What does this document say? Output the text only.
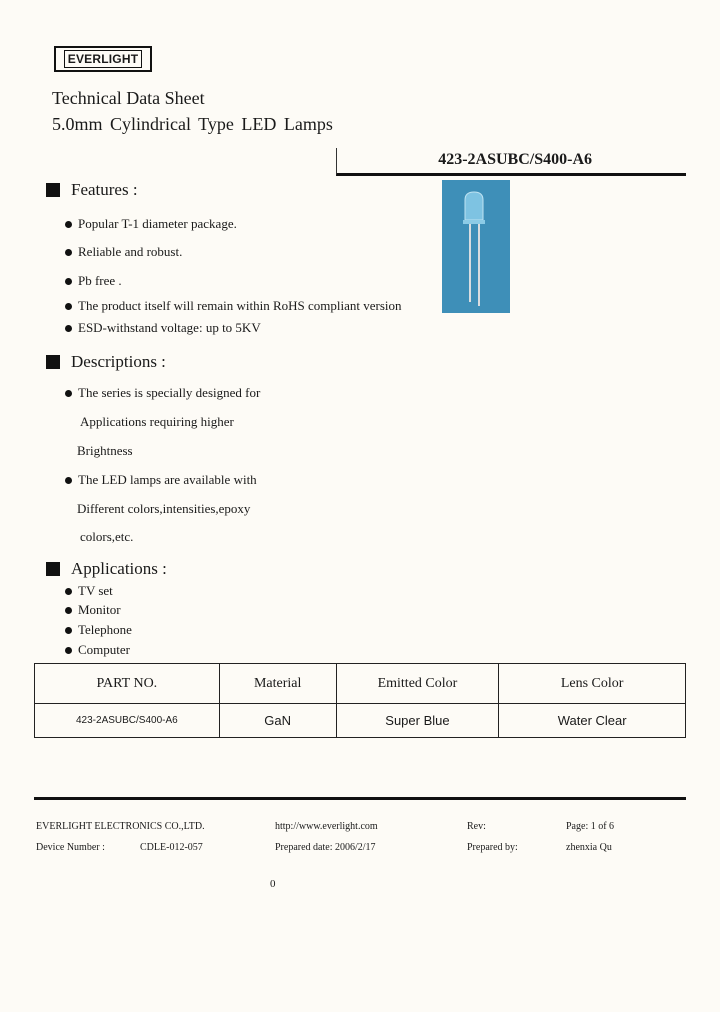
EVERLIGHT
Technical Data Sheet
5.0mm Cylindrical Type LED Lamps
423-2ASUBC/S400-A6
Features :
Popular T-1 diameter package.
Reliable and robust.
Pb free .
The product itself will remain within RoHS compliant version
ESD-withstand voltage: up to 5KV
Descriptions :
The series is specially designed for
Applications requiring higher
Brightness
The LED lamps are available with
Different colors,intensities,epoxy
colors,etc.
Applications :
TV set
Monitor
Telephone
Computer
PART NO.	Material	Emitted Color	Lens Color
423-2ASUBC/S400-A6	GaN	Super Blue	Water Clear
EVERLIGHT ELECTRONICS CO.,LTD.	http://www.everlight.com	Rev:	Page: 1 of 6
Device Number :	CDLE-012-057	Prepared date: 2006/2/17	Prepared by:	zhenxia Qu
0
